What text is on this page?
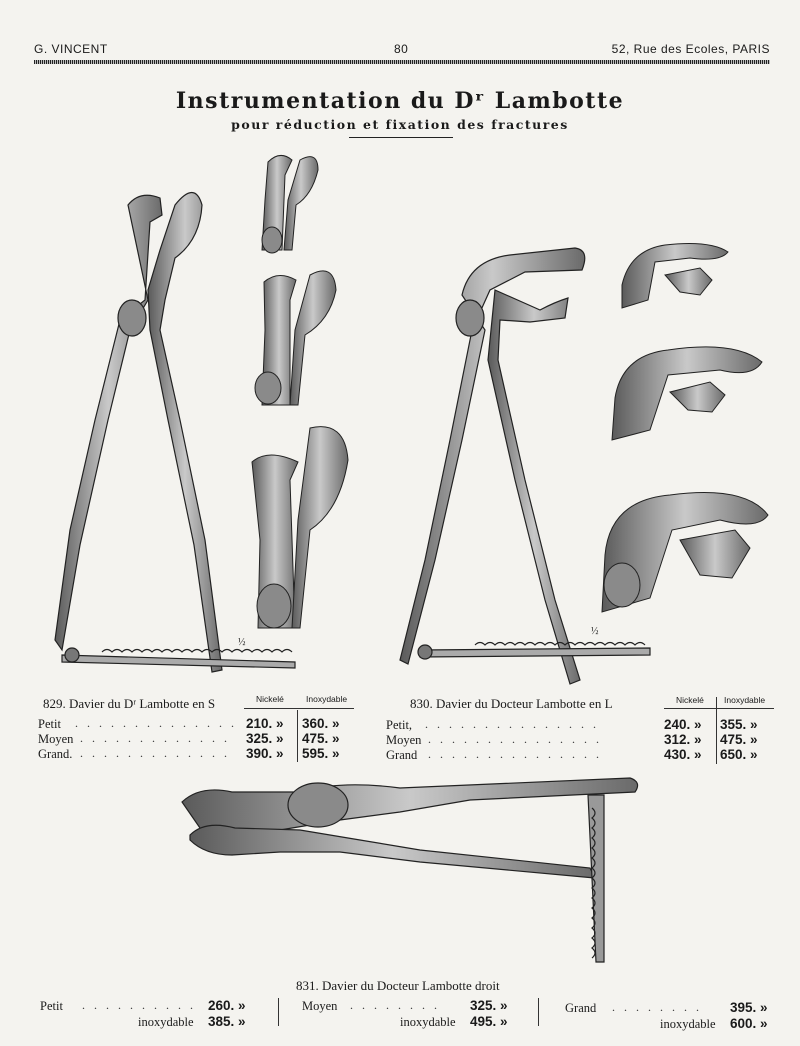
G. VINCENT	80	52, Rue des Ecoles, PARIS
Instrumentation du Dʳ Lambotte
pour réduction et fixation des fractures
½
½
829. Davier du Dʳ Lambotte en S	Nickelé	Inoxydable
Petit . . . . . . . . . . . . . . 210. » 360. »
Moyen . . . . . . . . . . . . . 325. » 475. »
Grand. . . . . . . . . . . . . . 390. » 595. »
830. Davier du Docteur Lambotte en L	Nickelé Inoxydable
Petit, . . . . . . . . . . . . . . .	240. » 355. »
Moyen . . . . . . . . . . . . . . .	312. » 475. »
Grand . . . . . . . . . . . . . . .	430. » 650. »
831. Davier du Docteur Lambotte droit
Petit . . . . . . . . . . 260. »
inoxydable 385. »
Moyen . . . . . . . . 325. »
inoxydable 495. »
Grand . . . . . . . . 395. »
inoxydable 600. »
